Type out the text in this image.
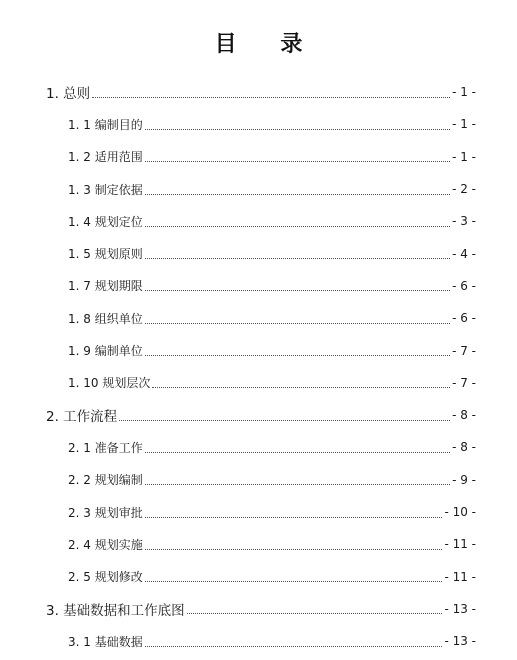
目 录
1. 总则	- 1 -
1. 1 编制目的	- 1 -
1. 2 适用范围	- 1 -
1. 3 制定依据	- 2 -
1. 4 规划定位	- 3 -
1. 5 规划原则	- 4 -
1. 7 规划期限	- 6 -
1. 8 组织单位	- 6 -
1. 9 编制单位	- 7 -
1. 10 规划层次	- 7 -
2. 工作流程	- 8 -
2. 1 准备工作	- 8 -
2. 2 规划编制	- 9 -
2. 3 规划审批	- 10 -
2. 4 规划实施	- 11 -
2. 5 规划修改	- 11 -
3. 基础数据和工作底图	- 13 -
3. 1 基础数据	- 13 -
